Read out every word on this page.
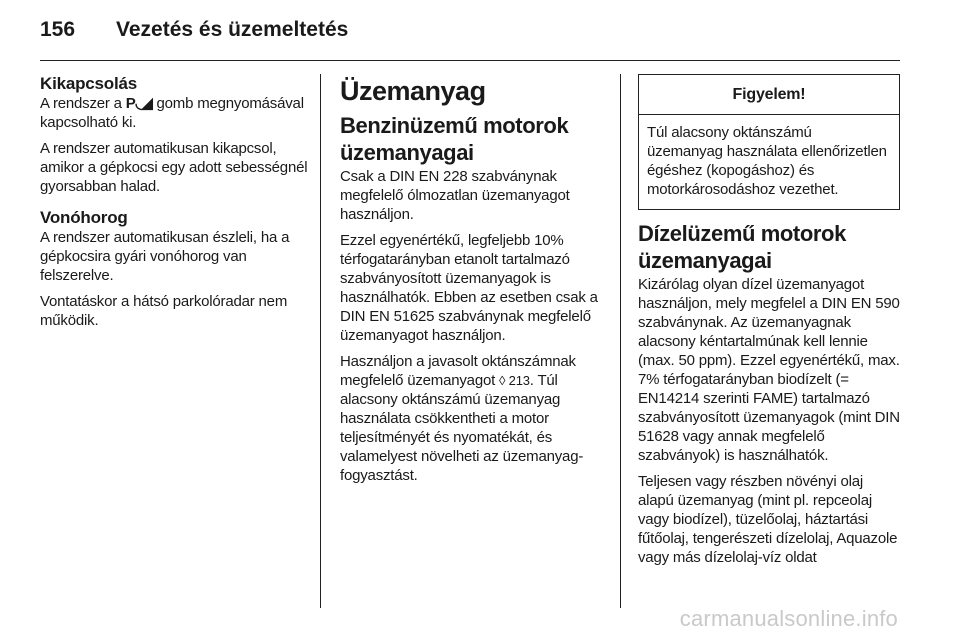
156 Vezetés és üzemeltetés
Kikapcsolás
A rendszer a P◟◢ gomb megnyomásával kapcsolható ki.
A rendszer automatikusan kikapcsol, amikor a gépkocsi egy adott sebességnél gyorsabban halad.
Vonóhorog
A rendszer automatikusan észleli, ha a gépkocsira gyári vonóhorog van felszerelve.
Vontatáskor a hátsó parkolóradar nem működik.
Üzemanyag
Benzinüzemű motorok üzemanyagai
Csak a DIN EN 228 szabványnak megfelelő ólmozatlan üzemanyagot használjon.
Ezzel egyenértékű, legfeljebb 10% térfogatarányban etanolt tartalmazó szabványosított üzemanyagok is használhatók. Ebben az esetben csak a DIN EN 51625 szabványnak megfelelő üzemanyagot használjon.
Használjon a javasolt oktánszámnak megfelelő üzemanyagot ◊ 213. Túl alacsony oktánszámú üzemanyag használata csökkentheti a motor teljesítményét és nyomatékát, és valamelyest növelheti az üzemanyag-fogyasztást.
Figyelem!
Túl alacsony oktánszámú üzemanyag használata ellenőrizetlen égéshez (kopogáshoz) és motorkárosodáshoz vezethet.
Dízelüzemű motorok üzemanyagai
Kizárólag olyan dízel üzemanyagot használjon, mely megfelel a DIN EN 590 szabványnak. Az üzemanyagnak alacsony kéntartalmúnak kell lennie (max. 50 ppm). Ezzel egyenértékű, max. 7% térfogatarányban biodízelt (= EN14214 szerinti FAME) tartalmazó szabványosított üzemanyagok (mint DIN 51628 vagy annak megfelelő szabványok) is használhatók.
Teljesen vagy részben növényi olaj alapú üzemanyag (mint pl. repceolaj vagy biodízel), tüzelőolaj, háztartási fűtőolaj, tengerészeti dízelolaj, Aquazole vagy más dízelolaj-víz oldat
carmanualsonline.info
